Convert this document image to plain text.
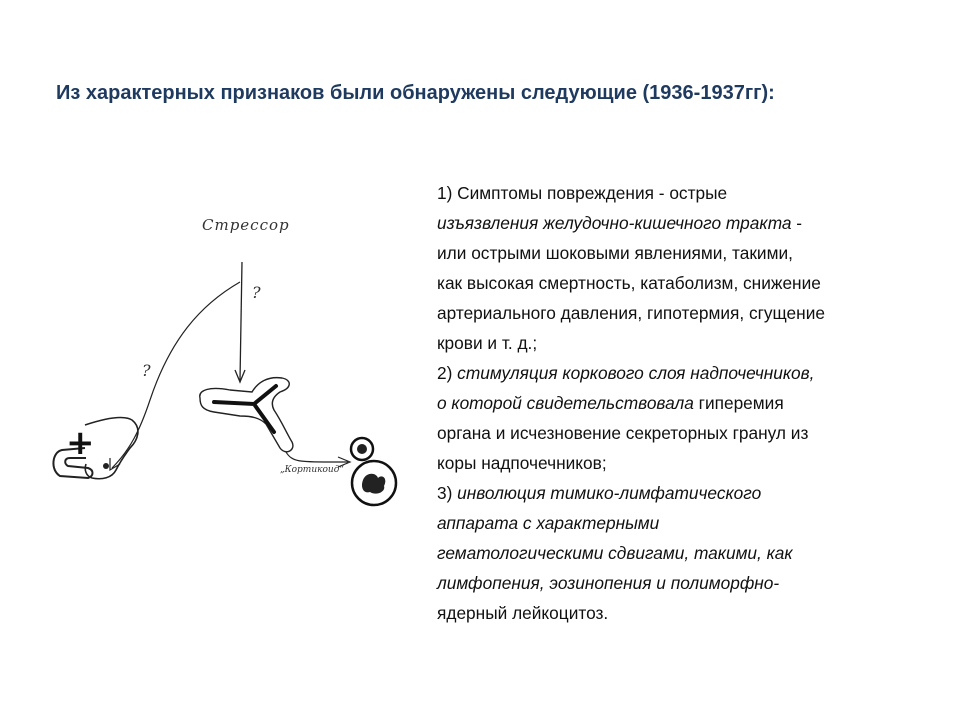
Из характерных признаков были обнаружены следующие (1936-1937гг):
Стрессор
?
?
„Кортикоид“
+
1) Симптомы повреждения - острые
изъязвления желудочно-кишечного тракта -
или острыми шоковыми явлениями, такими,
как высокая смертность, катаболизм, снижение
артериального давления, гипотермия, сгущение
крови и т. д.;
2) стимуляция коркового слоя надпочечников,
о которой свидетельствовала гиперемия
органа и исчезновение секреторных гранул из
коры надпочечников;
3) инволюция тимико-лимфатического
аппарата с характерными
гематологическими сдвигами, такими, как
лимфопения, эозинопения и полиморфно-
ядерный лейкоцитоз.
